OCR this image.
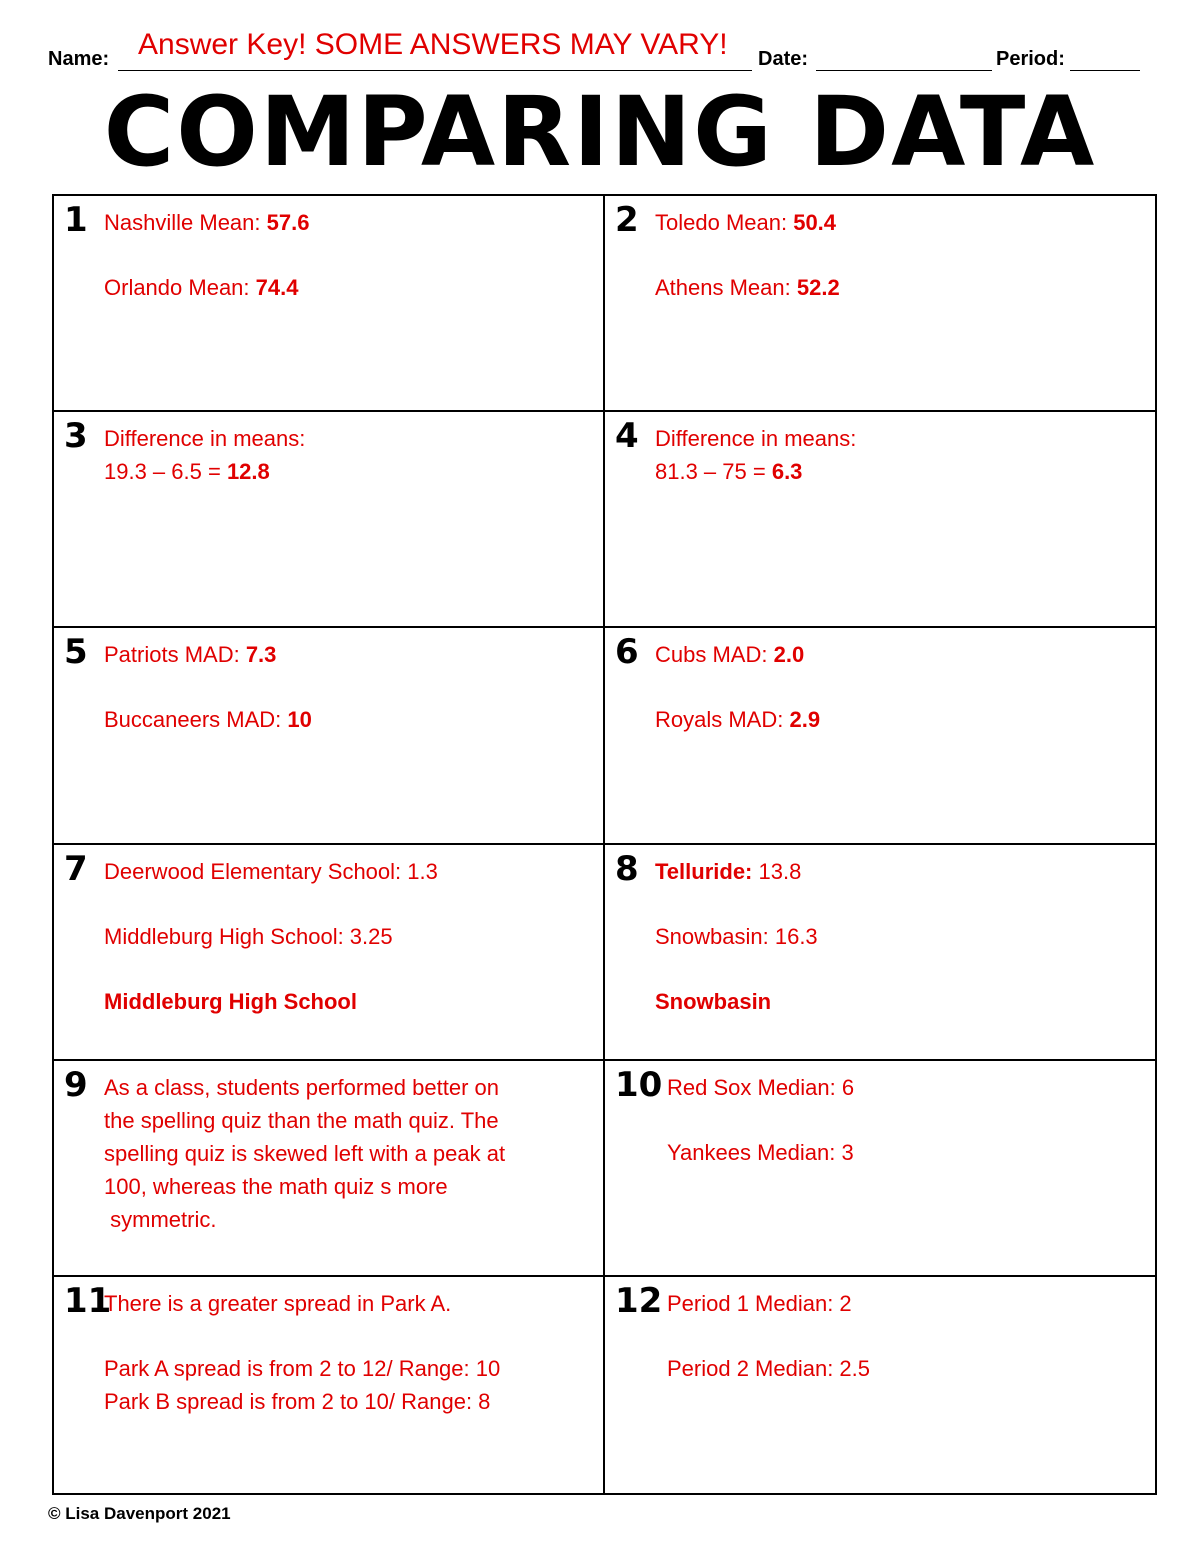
Name: Answer Key! SOME ANSWERS MAY VARY! Date:	Period:
COMPARING DATA
1 Nashville Mean: 57.6
Orlando Mean: 74.4
2 Toledo Mean: 50.4
Athens Mean: 52.2
3 Difference in means:
19.3 – 6.5 = 12.8
4 Difference in means:
81.3 – 75 = 6.3
5 Patriots MAD: 7.3
Buccaneers MAD: 10
6 Cubs MAD: 2.0
Royals MAD: 2.9
7 Deerwood Elementary School: 1.3
Middleburg High School: 3.25
Middleburg High School
8 Telluride: 13.8
Snowbasin: 16.3
Snowbasin
9 As a class, students performed better on
the spelling quiz than the math quiz. The
spelling quiz is skewed left with a peak at
100, whereas the math quiz s more
symmetric.
10 Red Sox Median: 6
Yankees Median: 3
11
There is a greater spread in Park A.
Park A spread is from 2 to 12/ Range: 10
Park B spread is from 2 to 10/ Range: 8
12 Period 1 Median: 2
Period 2 Median: 2.5
© Lisa Davenport 2021
